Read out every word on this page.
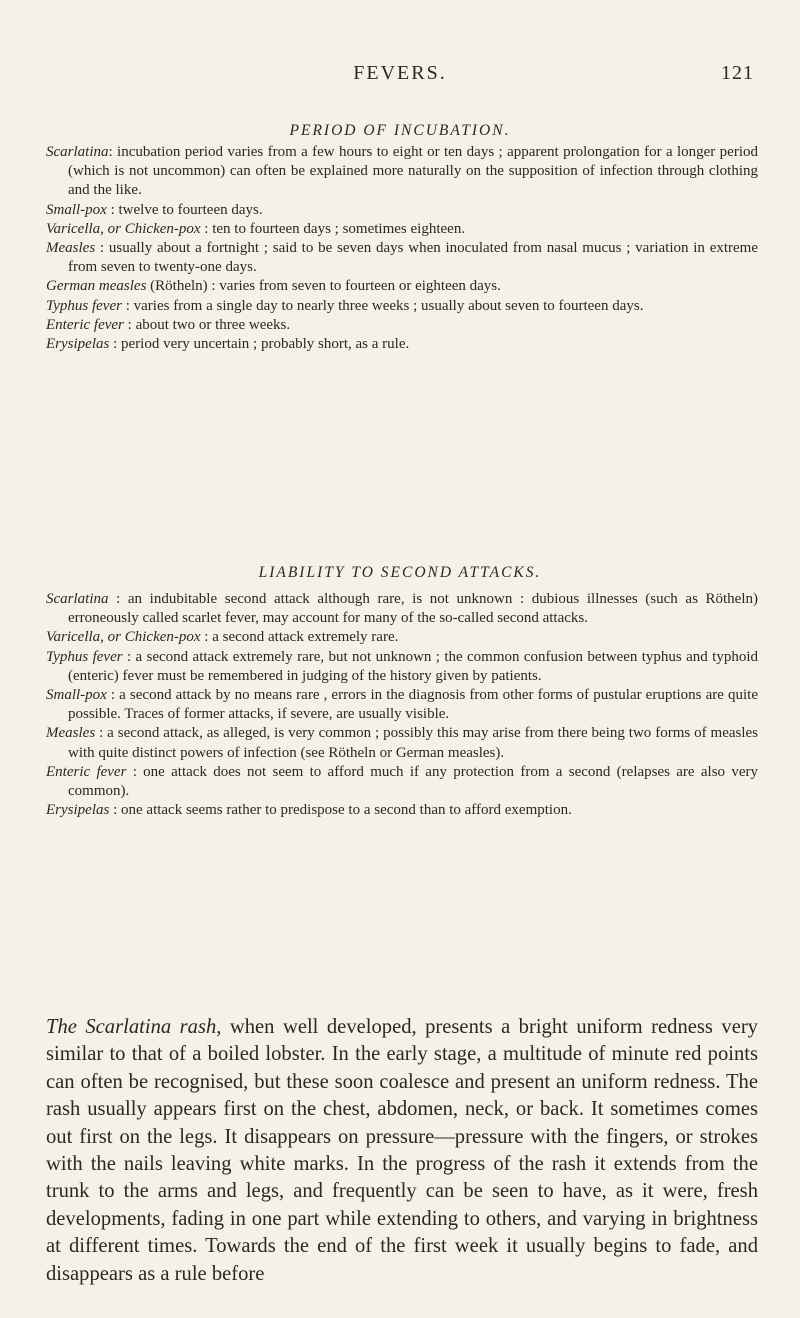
FEVERS.	121
PERIOD OF INCUBATION.

Scarlatina: incubation period varies from a few hours to eight or ten days ; apparent prolongation for a longer period (which is not uncommon) can often be explained more naturally on the supposition of infection through clothing and the like.

Small-pox : twelve to fourteen days.

Varicella, or Chicken-pox : ten to fourteen days ; sometimes eighteen.

Measles : usually about a fortnight ; said to be seven days when inoculated from nasal mucus ; variation in extreme from seven to twenty-one days.

German measles (Rötheln) : varies from seven to fourteen or eighteen days.

Typhus fever : varies from a single day to nearly three weeks ; usually about seven to fourteen days.

Enteric fever : about two or three weeks.

Erysipelas : period very uncertain ; probably short, as a rule.

LIABILITY TO SECOND ATTACKS.

Scarlatina : an indubitable second attack although rare, is not unknown : dubious illnesses (such as Rötheln) erroneously called scarlet fever, may account for many of the so-called second attacks.

Varicella, or Chicken-pox : a second attack extremely rare.

Typhus fever : a second attack extremely rare, but not unknown ; the common confusion between typhus and typhoid (enteric) fever must be remembered in judging of the history given by patients.

Small-pox : a second attack by no means rare , errors in the diagnosis from other forms of pustular eruptions are quite possible. Traces of former attacks, if severe, are usually visible.

Measles : a second attack, as alleged, is very common ; possibly this may arise from there being two forms of measles with quite distinct powers of infection (see Rötheln or German measles).

Enteric fever : one attack does not seem to afford much if any protection from a second (relapses are also very common).

Erysipelas : one attack seems rather to predispose to a second than to afford exemption.

The Scarlatina rash, when well developed, presents a bright uniform redness very similar to that of a boiled lobster. In the early stage, a multitude of minute red points can often be recognised, but these soon coalesce and present an uniform redness. The rash usually appears first on the chest, abdomen, neck, or back. It sometimes comes out first on the legs. It disappears on pressure—pressure with the fingers, or strokes with the nails leaving white marks. In the progress of the rash it extends from the trunk to the arms and legs, and frequently can be seen to have, as it were, fresh developments, fading in one part while extending to others, and varying in brightness at different times. Towards the end of the first week it usually begins to fade, and disappears as a rule before
